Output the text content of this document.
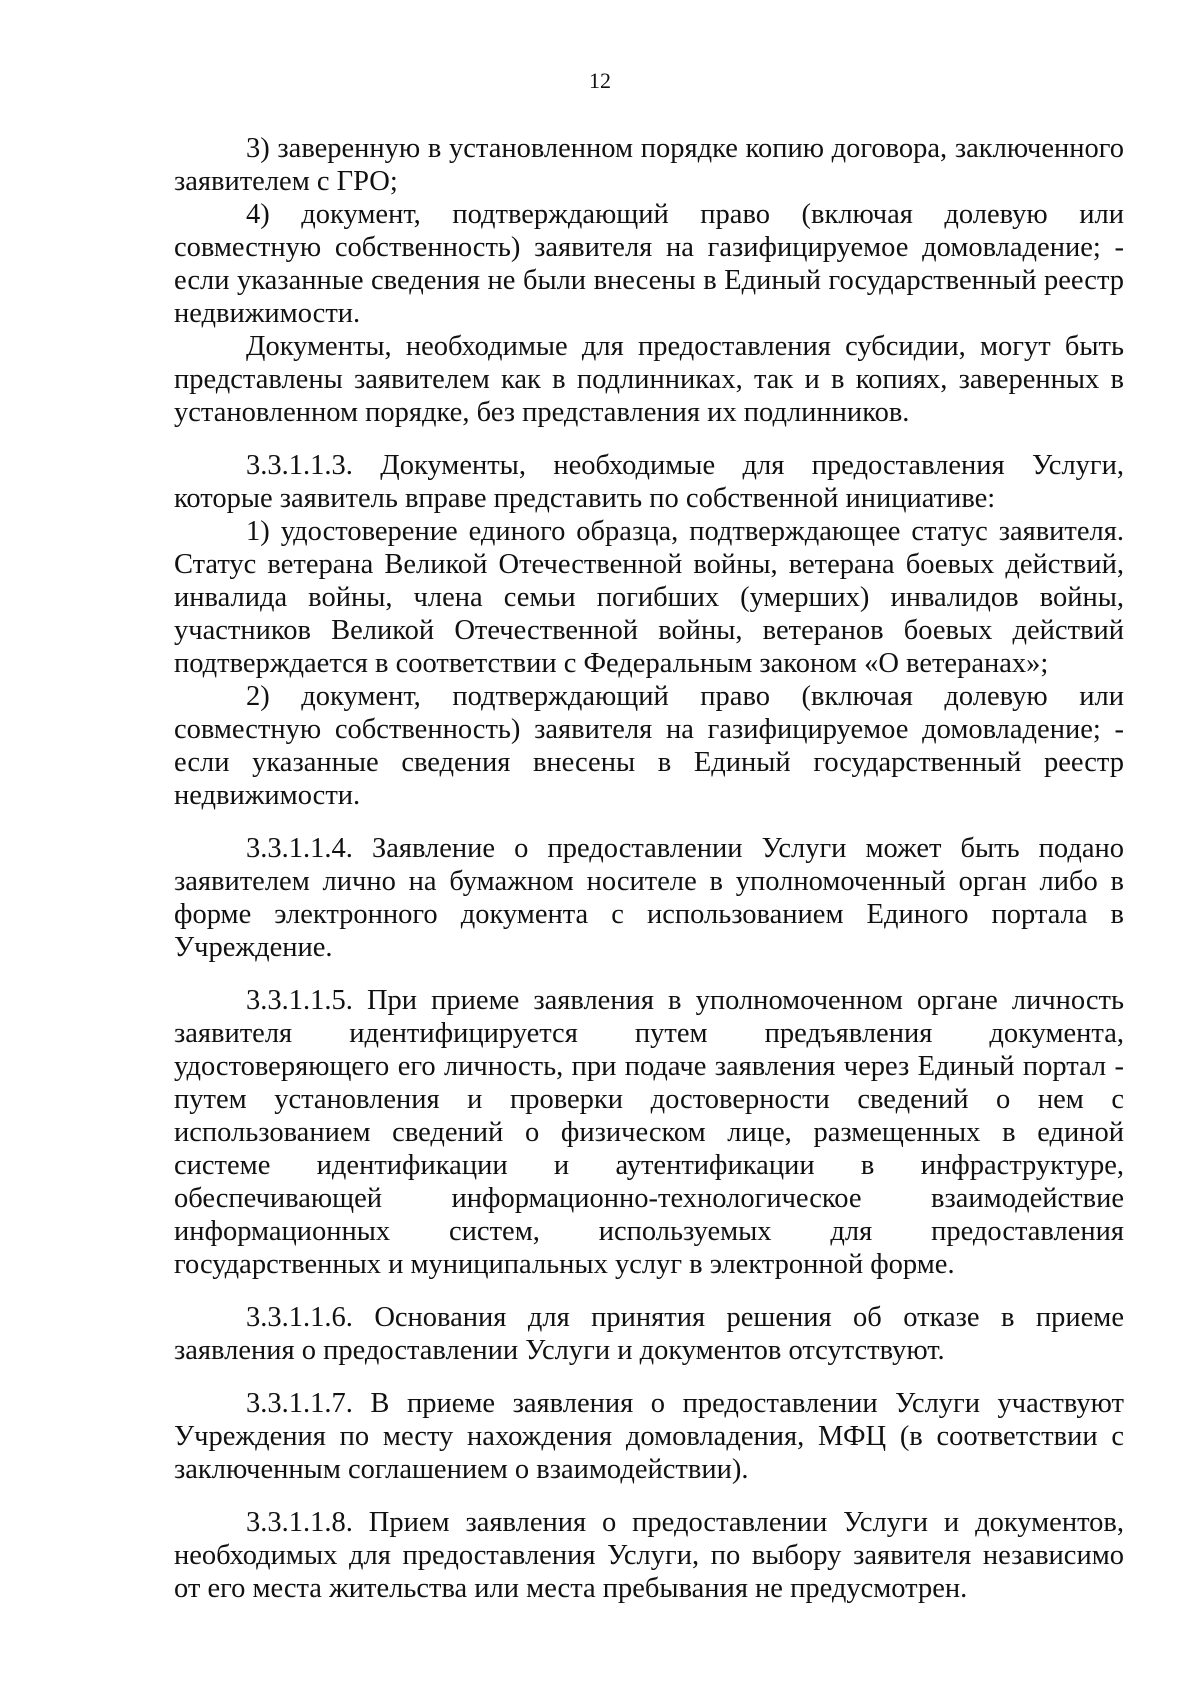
12

3) заверенную в установленном порядке копию договора, заключенного заявителем с ГРО;

4) документ, подтверждающий право (включая долевую или совместную собственность) заявителя на газифицируемое домовладение; - если указанные сведения не были внесены в Единый государственный реестр недвижимости.

Документы, необходимые для предоставления субсидии, могут быть представлены заявителем как в подлинниках, так и в копиях, заверенных в установленном порядке, без представления их подлинников.

3.3.1.1.3. Документы, необходимые для предоставления Услуги, которые заявитель вправе представить по собственной инициативе:

1) удостоверение единого образца, подтверждающее статус заявителя. Статус ветерана Великой Отечественной войны, ветерана боевых действий, инвалида войны, члена семьи погибших (умерших) инвалидов войны, участников Великой Отечественной войны, ветеранов боевых действий подтверждается в соответствии с Федеральным законом «О ветеранах»;

2) документ, подтверждающий право (включая долевую или совместную собственность) заявителя на газифицируемое домовладение; - если указанные сведения внесены в Единый государственный реестр недвижимости.

3.3.1.1.4. Заявление о предоставлении Услуги может быть подано заявителем лично на бумажном носителе в уполномоченный орган либо в форме электронного документа с использованием Единого портала в Учреждение.

3.3.1.1.5. При приеме заявления в уполномоченном органе личность заявителя идентифицируется путем предъявления документа, удостоверяющего его личность, при подаче заявления через Единый портал - путем установления и проверки достоверности сведений о нем с использованием сведений о физическом лице, размещенных в единой системе идентификации и аутентификации в инфраструктуре, обеспечивающей информационно-технологическое взаимодействие информационных систем, используемых для предоставления государственных и муниципальных услуг в электронной форме.

3.3.1.1.6. Основания для принятия решения об отказе в приеме заявления о предоставлении Услуги и документов отсутствуют.

3.3.1.1.7. В приеме заявления о предоставлении Услуги участвуют Учреждения по месту нахождения домовладения, МФЦ (в соответствии с заключенным соглашением о взаимодействии).

3.3.1.1.8. Прием заявления о предоставлении Услуги и документов, необходимых для предоставления Услуги, по выбору заявителя независимо от его места жительства или места пребывания не предусмотрен.
